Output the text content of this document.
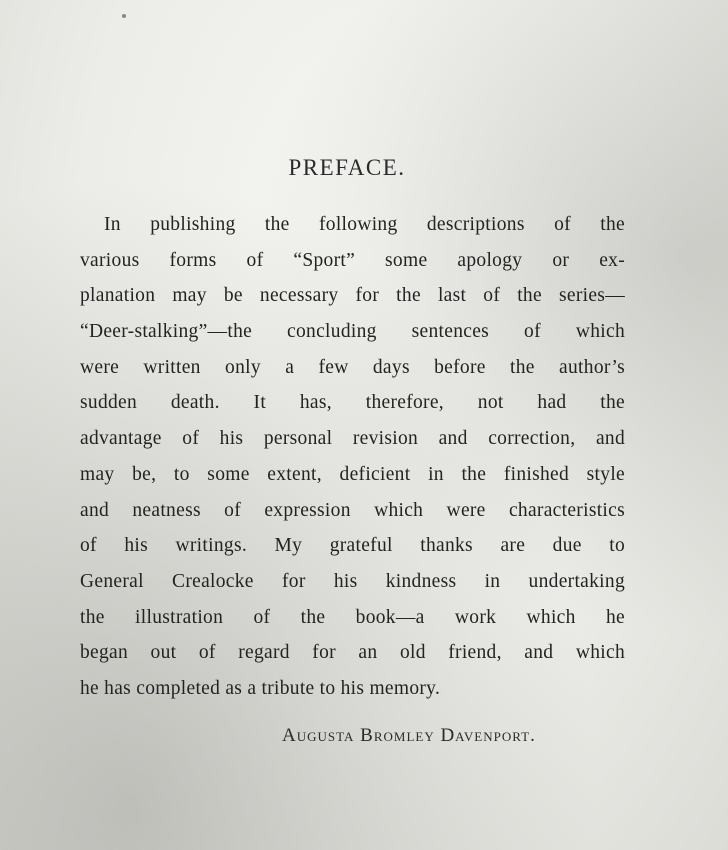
PREFACE.
In publishing the following descriptions of the
various forms of “Sport” some apology or ex-
planation may be necessary for the last of the series—
“Deer-stalking”—the concluding sentences of which
were written only a few days before the author’s
sudden death. It has, therefore, not had the
advantage of his personal revision and correction, and
may be, to some extent, deficient in the finished style
and neatness of expression which were characteristics
of his writings. My grateful thanks are due to
General Crealocke for his kindness in undertaking
the illustration of the book—a work which he
began out of regard for an old friend, and which
he has completed as a tribute to his memory.
Augusta Bromley Davenport.
